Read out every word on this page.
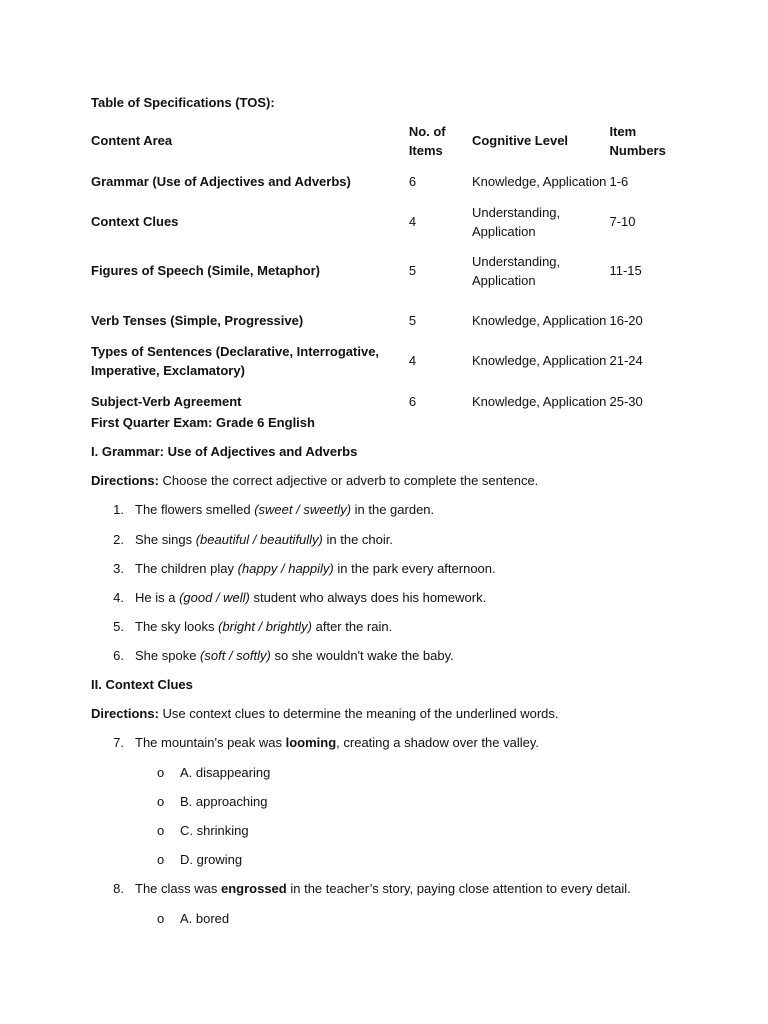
Table of Specifications (TOS):
Content Area	No. of Items	Cognitive Level	Item Numbers
Grammar (Use of Adjectives and Adverbs)	6	Knowledge, Application	1-6
Context Clues	4	Understanding, Application	7-10
Figures of Speech (Simile, Metaphor)	5	Understanding, Application	11-15
Verb Tenses (Simple, Progressive)	5	Knowledge, Application	16-20
Types of Sentences (Declarative, Interrogative, Imperative, Exclamatory)	4	Knowledge, Application	21-24
Subject-Verb Agreement	6	Knowledge, Application	25-30
First Quarter Exam: Grade 6 English
I. Grammar: Use of Adjectives and Adverbs
Directions: Choose the correct adjective or adverb to complete the sentence.
1. The flowers smelled (sweet / sweetly) in the garden.
2. She sings (beautiful / beautifully) in the choir.
3. The children play (happy / happily) in the park every afternoon.
4. He is a (good / well) student who always does his homework.
5. The sky looks (bright / brightly) after the rain.
6. She spoke (soft / softly) so she wouldn't wake the baby.
II. Context Clues
Directions: Use context clues to determine the meaning of the underlined words.
7. The mountain's peak was looming, creating a shadow over the valley.
o A. disappearing
o B. approaching
o C. shrinking
o D. growing
8. The class was engrossed in the teacher’s story, paying close attention to every detail.
o A. bored
